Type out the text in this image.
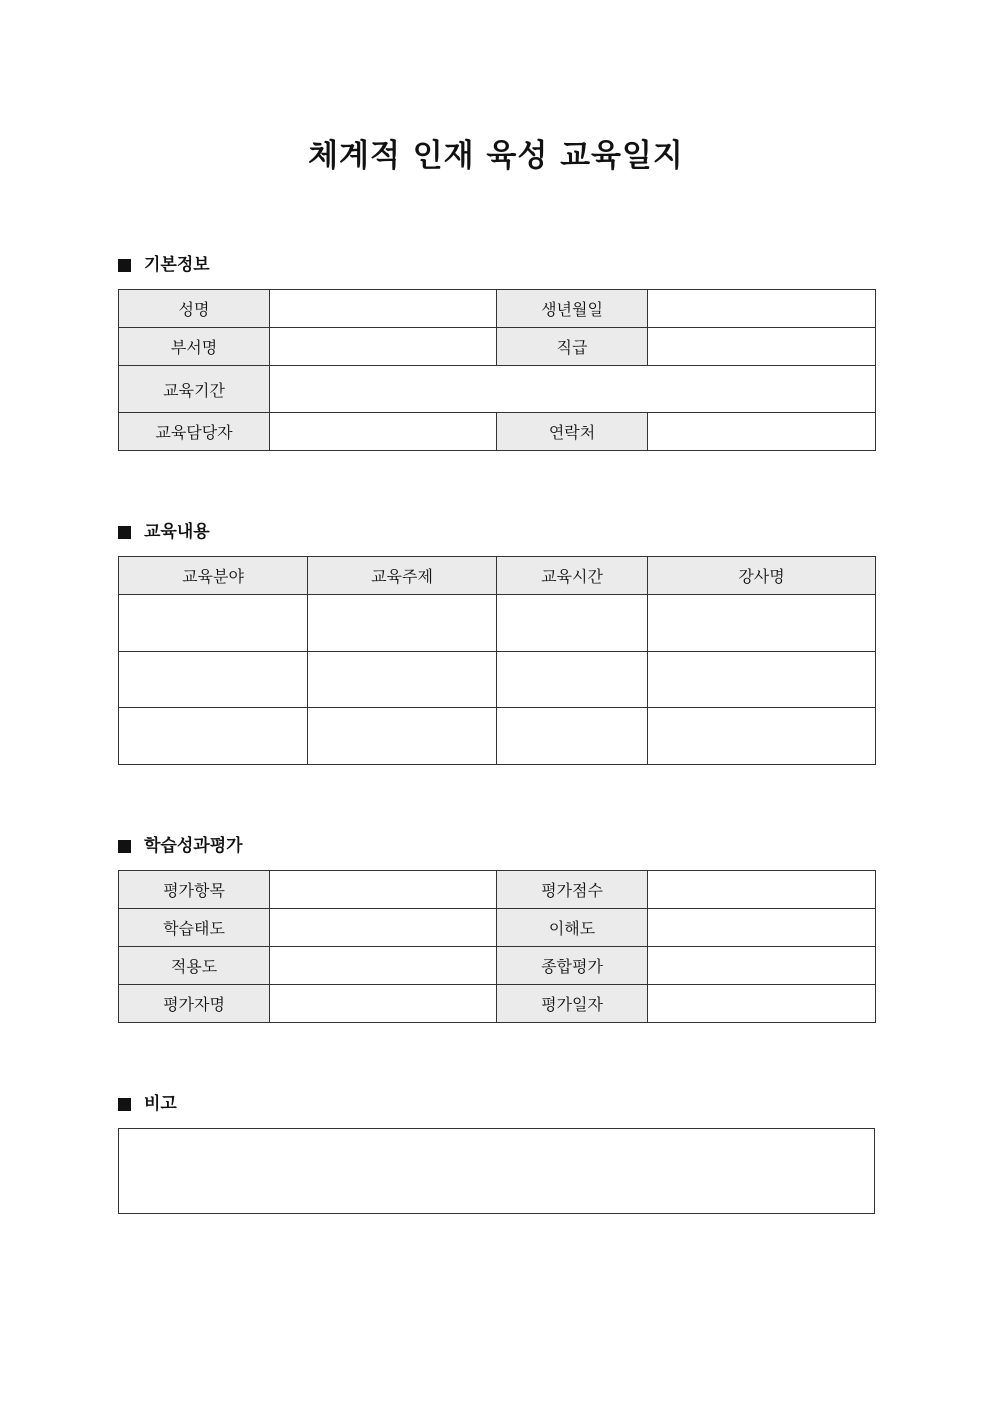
체계적 인재 육성 교육일지
기본정보
성명		생년월일	
부서명		직급	
교육기간			
교육담당자		연락처	
교육내용
교육분야	교육주제	교육시간	강사명

학습성과평가
평가항목		평가점수	
학습태도		이해도	
적용도		종합평가	
평가자명		평가일자	
비고
